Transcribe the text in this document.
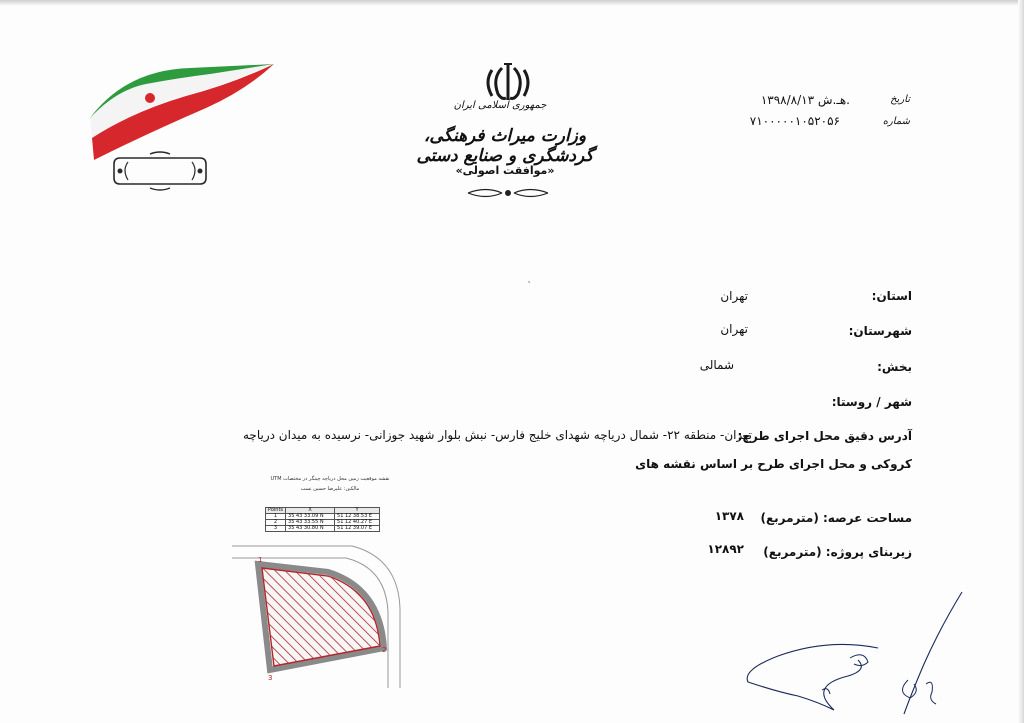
جمهوری اسلامی ایران
وزارت میراث فرهنگی، گردشگری و صنایع دستی
«موافقت اصولی»
تاریخ
۱۳۹۸/۸/۱۳ هـ.ش.
شماره
۷۱۰۰۰۰۰۱۰۵۲۰۵۶
˛
استان:
تهران
شهرستان:
تهران
بخش:
شمالی
شهر / روستا:
آدرس دقیق محل اجرای طرح:
تهران- منطقه ۲۲- شمال دریاچه شهدای خلیج فارس- نبش بلوار شهید جوزانی- نرسیده به میدان دریاچه
کروکی و محل اجرای طرح بر اساس نقشه های
مساحت عرصه: (مترمربع)
۱۳۷۸
زیربنای پروژه: (مترمربع)
۱۲۸۹۲
نقشه موقعیت زمین محل دریاچه چیتگر در مختصات UTM
مالکین: علیرضا حسین نسب
Points	X	Y
1	35 43 33.09 N	51 12 38.53 E
2	35 43 33.55 N	51 12 40.27 E
3	35 43 30.80 N	51 12 39.07 E
1
2
3
